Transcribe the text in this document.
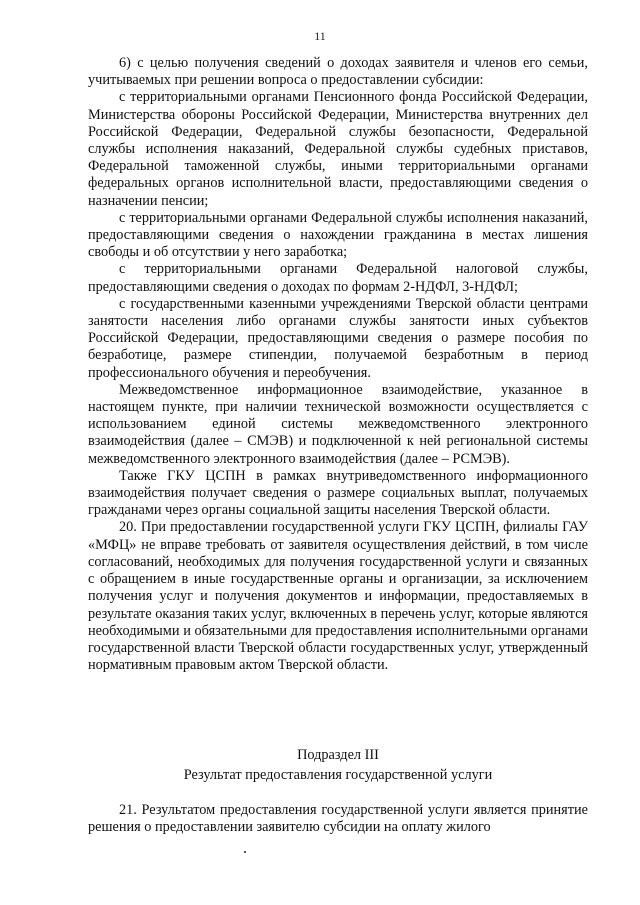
11

6) с целью получения сведений о доходах заявителя и членов его семьи, учитываемых при решении вопроса о предоставлении субсидии:

с территориальными органами Пенсионного фонда Российской Федерации, Министерства обороны Российской Федерации, Министерства внутренних дел Российской Федерации, Федеральной службы безопасности, Федеральной службы исполнения наказаний, Федеральной службы судебных приставов, Федеральной таможенной службы, иными территориальными органами федеральных органов исполнительной власти, предоставляющими сведения о назначении пенсии;

с территориальными органами Федеральной службы исполнения наказаний, предоставляющими сведения о нахождении гражданина в местах лишения свободы и об отсутствии у него заработка;

с территориальными органами Федеральной налоговой службы, предоставляющими сведения о доходах по формам 2-НДФЛ, 3-НДФЛ;

с государственными казенными учреждениями Тверской области центрами занятости населения либо органами службы занятости иных субъектов Российской Федерации, предоставляющими сведения о размере пособия по безработице, размере стипендии, получаемой безработным в период профессионального обучения и переобучения.

Межведомственное информационное взаимодействие, указанное в настоящем пункте, при наличии технической возможности осуществляется с использованием единой системы межведомственного электронного взаимодействия (далее – СМЭВ) и подключенной к ней региональной системы межведомственного электронного взаимодействия (далее – РСМЭВ).

Также ГКУ ЦСПН в рамках внутриведомственного информационного взаимодействия получает сведения о размере социальных выплат, получаемых гражданами через органы социальной защиты населения Тверской области.

20. При предоставлении государственной услуги ГКУ ЦСПН, филиалы ГАУ «МФЦ» не вправе требовать от заявителя осуществления действий, в том числе согласований, необходимых для получения государственной услуги и связанных с обращением в иные государственные органы и организации, за исключением получения услуг и получения документов и информации, предоставляемых в результате оказания таких услуг, включенных в перечень услуг, которые являются необходимыми и обязательными для предоставления исполнительными органами государственной власти Тверской области государственных услуг, утвержденный нормативным правовым актом Тверской области.

Подраздел III
Результат предоставления государственной услуги

21. Результатом предоставления государственной услуги является принятие решения о предоставлении заявителю субсидии на оплату жилого
